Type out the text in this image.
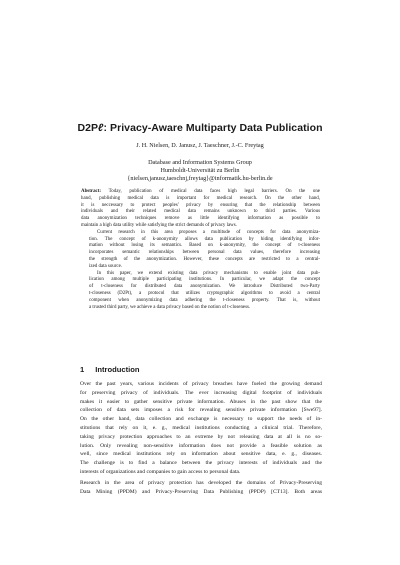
D2Pℓ: Privacy-Aware Multiparty Data Publication
J. H. Nielsen, D. Janusz, J. Taeschner, J.-C. Freytag
Database and Information Systems Group
Humboldt-Universität zu Berlin
{nielsen,janusz,taeschnj,freytag}@informatik.hu-berlin.de

Abstract: Today, publication of medical data faces high legal barriers. On the one
hand, publishing medical data is important for medical research. On the other hand,
it is neccessary to protect peoples' privacy by ensuring that the relationship between
individuals and their related medical data remains unknown to third parties. Various
data anonymization techniques remove as little identifying information as possible to
maintain a high data utility while satisfying the strict demands of privacy laws.

Current research in this area proposes a multitude of concepts for data anonymiza-
tion. The concept of k-anonymity allows data publication by hiding identifying infor-
mation without losing its semantics. Based on k-anonymity, the concept of t-closeness
incorporates semantic relationships between personal data values, therefore increasing
the strength of the anonymization. However, these concepts are restricted to a central-
ized data source.

In this paper, we extend existing data privacy mechanisms to enable joint data pub-
lication among multiple participating institutions. In particular, we adapt the concept
of t-closeness for distributed data anonymization. We introduce Distributed two-Party
t-closeness (D2Pt), a protocol that utilizes cryptographic algorithms to avoid a central
component when anonymizing data adhering the t-closeness property. That is, without
a trusted third party, we achieve a data privacy based on the notion of t-closeness.

1 Introduction
Over the past years, various incidents of privacy breaches have fueled the growing demand
for preserving privacy of individuals. The ever increasing digital footprint of individuals
makes it easier to gather sensitive private information. Abuses in the past show that the
collection of data sets imposes a risk for revealing sensitive private information [Swe97].
On the other hand, data collection and exchange is necessary to support the needs of in-
stitutions that rely on it, e. g., medical institutions conducting a clinical trial. Therefore,
taking privacy protection approaches to an extreme by not releasing data at all is no so-
lution. Only revealing non-sensitive information does not provide a feasible solution as
well, since medical institutions rely on information about sensitive data, e. g., diseases.
The challenge is to find a balance between the privacy interests of individuals and the
interests of organizations and companies to gain access to personal data.
Research in the area of privacy protection has developed the domains of Privacy-Preserving
Data Mining (PPDM) and Privacy-Preserving Data Publishing (PPDP) [CT13]. Both areas
